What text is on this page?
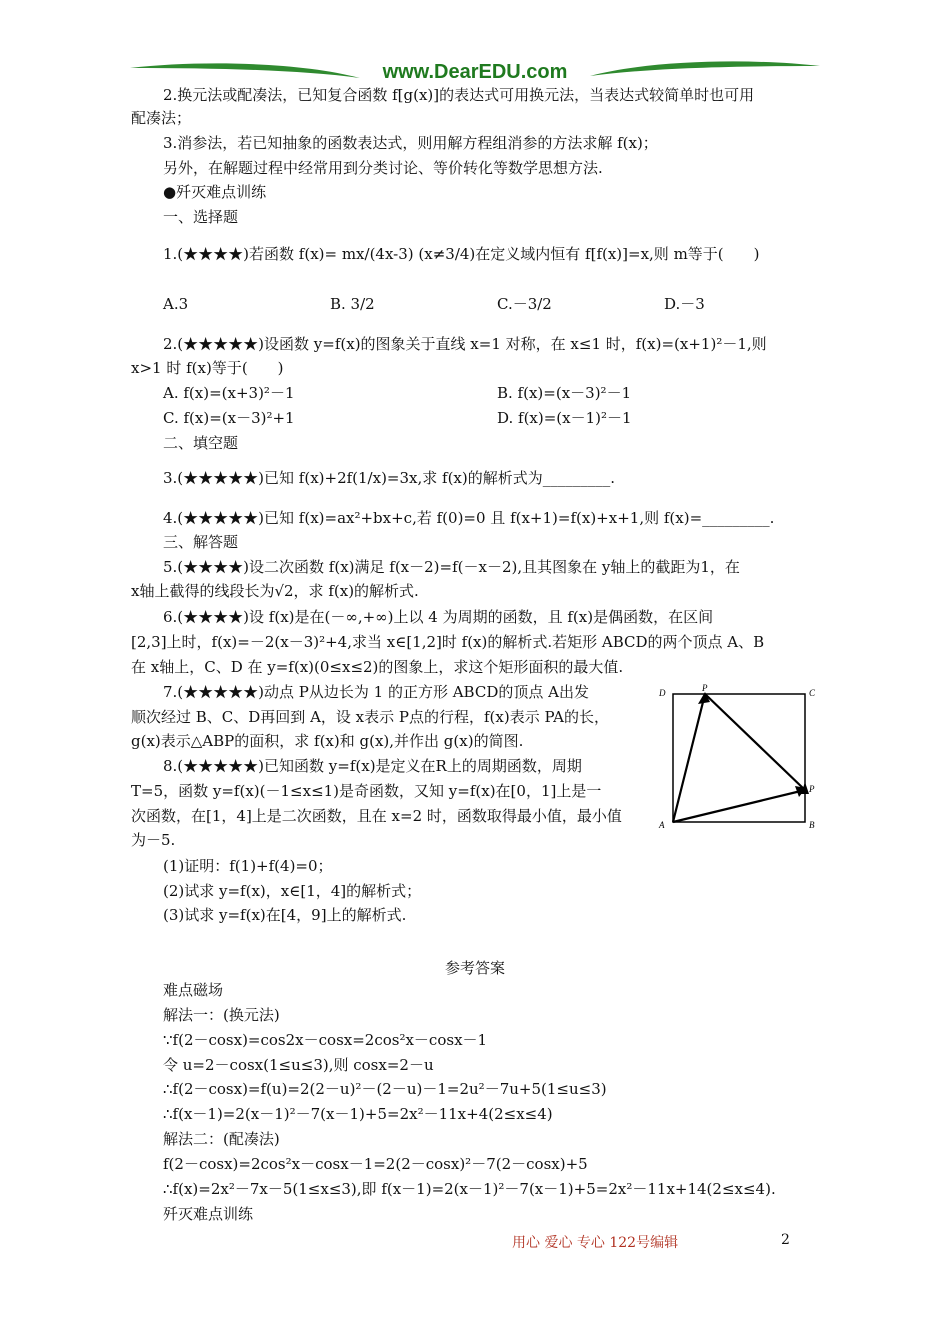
www.DearEDU.com
2.换元法或配凑法，已知复合函数 f[g(x)]的表达式可用换元法，当表达式较简单时也可用
配凑法；
3.消参法，若已知抽象的函数表达式，则用解方程组消参的方法求解 f(x)；
另外，在解题过程中经常用到分类讨论、等价转化等数学思想方法.
●歼灭难点训练
一、选择题
1.(★★★★)若函数 f(x)= mx/(4x-3) (x≠3/4)在定义域内恒有 f[f(x)]=x,则 m等于(　　)
2.(★★★★★)设函数 y=f(x)的图象关于直线 x=1 对称，在 x≤1 时，f(x)=(x+1)²－1,则
x>1 时 f(x)等于(　　)
二、填空题
3.(★★★★★)已知 f(x)+2f(1/x)=3x,求 f(x)的解析式为_________.
4.(★★★★★)已知 f(x)=ax²+bx+c,若 f(0)=0 且 f(x+1)=f(x)+x+1,则 f(x)=_________.
三、解答题
5.(★★★★)设二次函数 f(x)满足 f(x－2)=f(－x－2),且其图象在 y轴上的截距为1，在
x轴上截得的线段长为√2，求 f(x)的解析式.
6.(★★★★)设 f(x)是在(－∞,+∞)上以 4 为周期的函数，且 f(x)是偶函数，在区间
[2,3]上时，f(x)=－2(x－3)²+4,求当 x∈[1,2]时 f(x)的解析式.若矩形 ABCD的两个顶点 A、B
在 x轴上，C、D 在 y=f(x)(0≤x≤2)的图象上，求这个矩形面积的最大值.
7.(★★★★★)动点 P从边长为 1 的正方形 ABCD的顶点 A出发
顺次经过 B、C、D再回到 A，设 x表示 P点的行程，f(x)表示 PA的长，
g(x)表示△ABP的面积，求 f(x)和 g(x),并作出 g(x)的简图.
8.(★★★★★)已知函数 y=f(x)是定义在R上的周期函数，周期
T=5，函数 y=f(x)(－1≤x≤1)是奇函数，又知 y=f(x)在[0，1]上是一
次函数，在[1，4]上是二次函数，且在 x=2 时，函数取得最小值，最小值
为－5.
(1)证明：f(1)+f(4)=0；
(2)试求 y=f(x)，x∈[1，4]的解析式；
(3)试求 y=f(x)在[4，9]上的解析式.
难点磁场
解法一：(换元法)
∵f(2－cosx)=cos2x－cosx=2cos²x－cosx－1
令 u=2－cosx(1≤u≤3),则 cosx=2－u
∴f(2－cosx)=f(u)=2(2－u)²－(2－u)－1=2u²－7u+5(1≤u≤3)
∴f(x－1)=2(x－1)²－7(x－1)+5=2x²－11x+4(2≤x≤4)
解法二：(配凑法)
f(2－cosx)=2cos²x－cosx－1=2(2－cosx)²－7(2－cosx)+5
∴f(x)=2x²－7x－5(1≤x≤3),即 f(x－1)=2(x－1)²－7(x－1)+5=2x²－11x+14(2≤x≤4).
歼灭难点训练
A.3	B. 3/2	C.－3/2	D.－3
A. f(x)=(x+3)²－1	B. f(x)=(x－3)²－1
C. f(x)=(x－3)²+1	D. f(x)=(x－1)²－1
参考答案
A	B
C
D	P
P
用心 爱心 专心 122号编辑	2
